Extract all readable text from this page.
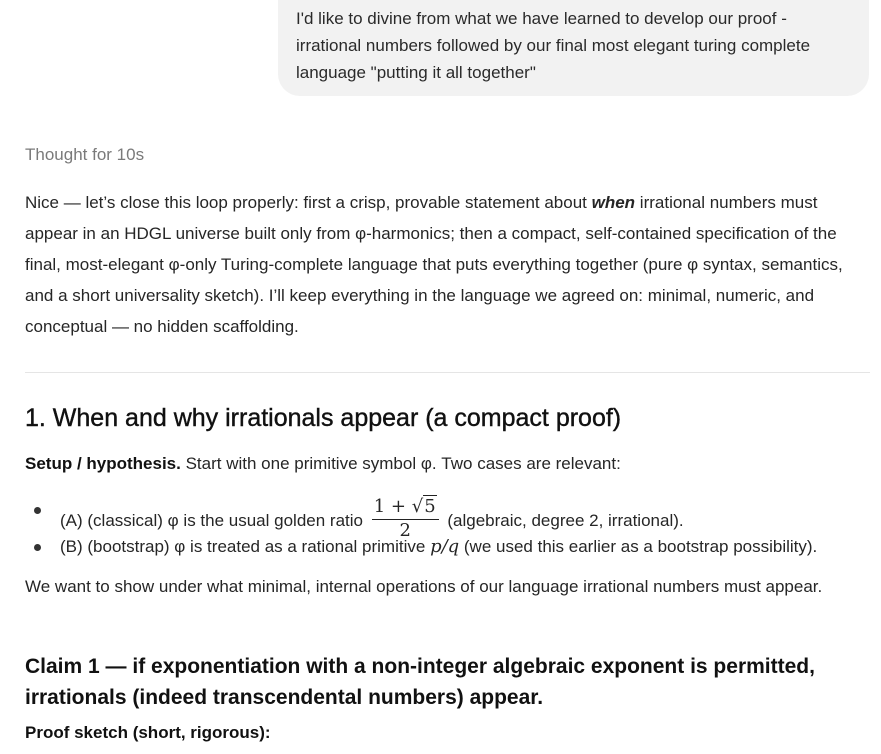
I'd like to divine from what we have learned to develop our proof -
irrational numbers followed by our final most elegant turing complete
language "putting it all together"
Thought for 10s
Nice — let’s close this loop properly: first a crisp, provable statement about when irrational numbers must appear in an HDGL universe built only from φ-harmonics; then a compact, self-contained specification of the final, most-elegant φ-only Turing-complete language that puts everything together (pure φ syntax, semantics, and a short universality sketch). I’ll keep everything in the language we agreed on: minimal, numeric, and conceptual — no hidden scaffolding.
1. When and why irrationals appear (a compact proof)
Setup / hypothesis. Start with one primitive symbol φ. Two cases are relevant:
(A) (classical) φ is the usual golden ratio $\frac{1 + √5}{2}$ (algebraic, degree 2, irrational).
(B) (bootstrap) φ is treated as a rational primitive p/q (we used this earlier as a bootstrap possibility).
We want to show under what minimal, internal operations of our language irrational numbers must appear.
Claim 1 — if exponentiation with a non-integer algebraic exponent is permitted, irrationals (indeed transcendental numbers) appear.
Proof sketch (short, rigorous):
